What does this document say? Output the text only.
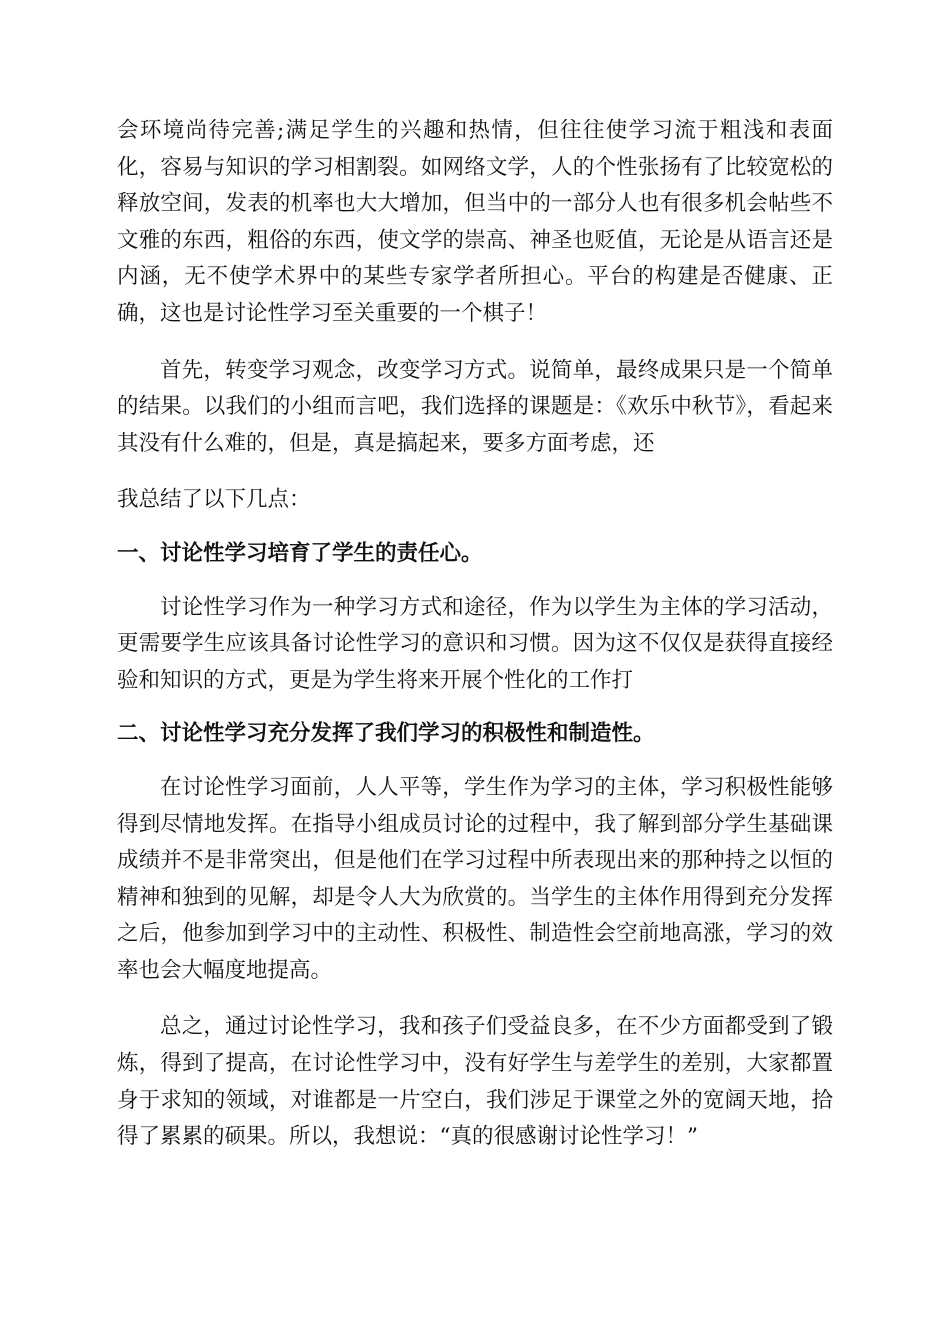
会环境尚待完善;满足学生的兴趣和热情，但往往使学习流于粗浅和表面化，容易与知识的学习相割裂。如网络文学，人的个性张扬有了比较宽松的释放空间，发表的机率也大大增加，但当中的一部分人也有很多机会帖些不文雅的东西，粗俗的东西，使文学的崇高、神圣也贬值，无论是从语言还是内涵，无不使学术界中的某些专家学者所担心。平台的构建是否健康、正确，这也是讨论性学习至关重要的一个棋子！

首先，转变学习观念，改变学习方式。说简单，最终成果只是一个简单的结果。以我们的小组而言吧，我们选择的课题是：《欢乐中秋节》，看起来其没有什么难的，但是，真是搞起来，要多方面考虑，还

我总结了以下几点：

一、讨论性学习培育了学生的责任心。

讨论性学习作为一种学习方式和途径，作为以学生为主体的学习活动，更需要学生应该具备讨论性学习的意识和习惯。因为这不仅仅是获得直接经验和知识的方式，更是为学生将来开展个性化的工作打

二、讨论性学习充分发挥了我们学习的积极性和制造性。

在讨论性学习面前，人人平等，学生作为学习的主体，学习积极性能够得到尽情地发挥。在指导小组成员讨论的过程中，我了解到部分学生基础课成绩并不是非常突出，但是他们在学习过程中所表现出来的那种持之以恒的精神和独到的见解，却是令人大为欣赏的。当学生的主体作用得到充分发挥之后，他参加到学习中的主动性、积极性、制造性会空前地高涨，学习的效率也会大幅度地提高。

总之，通过讨论性学习，我和孩子们受益良多，在不少方面都受到了锻炼，得到了提高，在讨论性学习中，没有好学生与差学生的差别，大家都置身于求知的领域，对谁都是一片空白，我们涉足于课堂之外的宽阔天地，拾得了累累的硕果。所以，我想说：“真的很感谢讨论性学习！”
